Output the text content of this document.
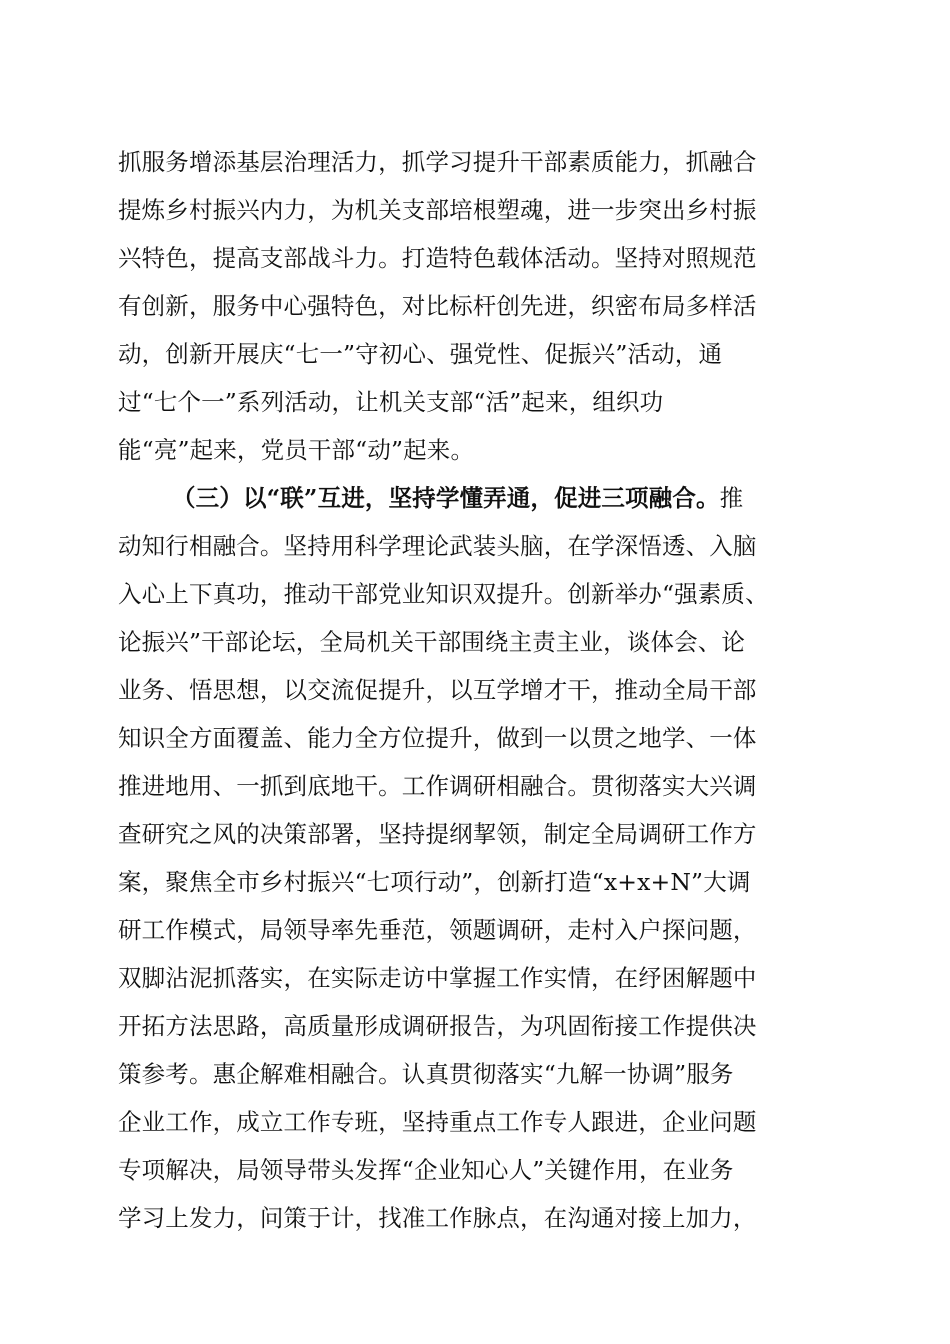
抓服务增添基层治理活力，抓学习提升干部素质能力，抓融合
提炼乡村振兴内力，为机关支部培根塑魂，进一步突出乡村振
兴特色，提高支部战斗力。打造特色载体活动。坚持对照规范
有创新，服务中心强特色，对比标杆创先进，织密布局多样活
动，创新开展庆“七一”守初心、强党性、促振兴”活动，通
过“七个一”系列活动，让机关支部“活”起来，组织功
能“亮”起来，党员干部“动”起来。
（三）以“联”互进，坚持学懂弄通，促进三项融合。推
动知行相融合。坚持用科学理论武装头脑，在学深悟透、入脑
入心上下真功，推动干部党业知识双提升。创新举办“强素质、
论振兴”干部论坛，全局机关干部围绕主责主业，谈体会、论
业务、悟思想，以交流促提升，以互学增才干，推动全局干部
知识全方面覆盖、能力全方位提升，做到一以贯之地学、一体
推进地用、一抓到底地干。工作调研相融合。贯彻落实大兴调
查研究之风的决策部署，坚持提纲挈领，制定全局调研工作方
案，聚焦全市乡村振兴“七项行动”，创新打造“x+x+N”大调
研工作模式，局领导率先垂范，领题调研，走村入户探问题，
双脚沾泥抓落实，在实际走访中掌握工作实情，在纾困解题中
开拓方法思路，高质量形成调研报告，为巩固衔接工作提供决
策参考。惠企解难相融合。认真贯彻落实“九解一协调”服务
企业工作，成立工作专班，坚持重点工作专人跟进，企业问题
专项解决，局领导带头发挥“企业知心人”关键作用，在业务
学习上发力，问策于计，找准工作脉点，在沟通对接上加力，
